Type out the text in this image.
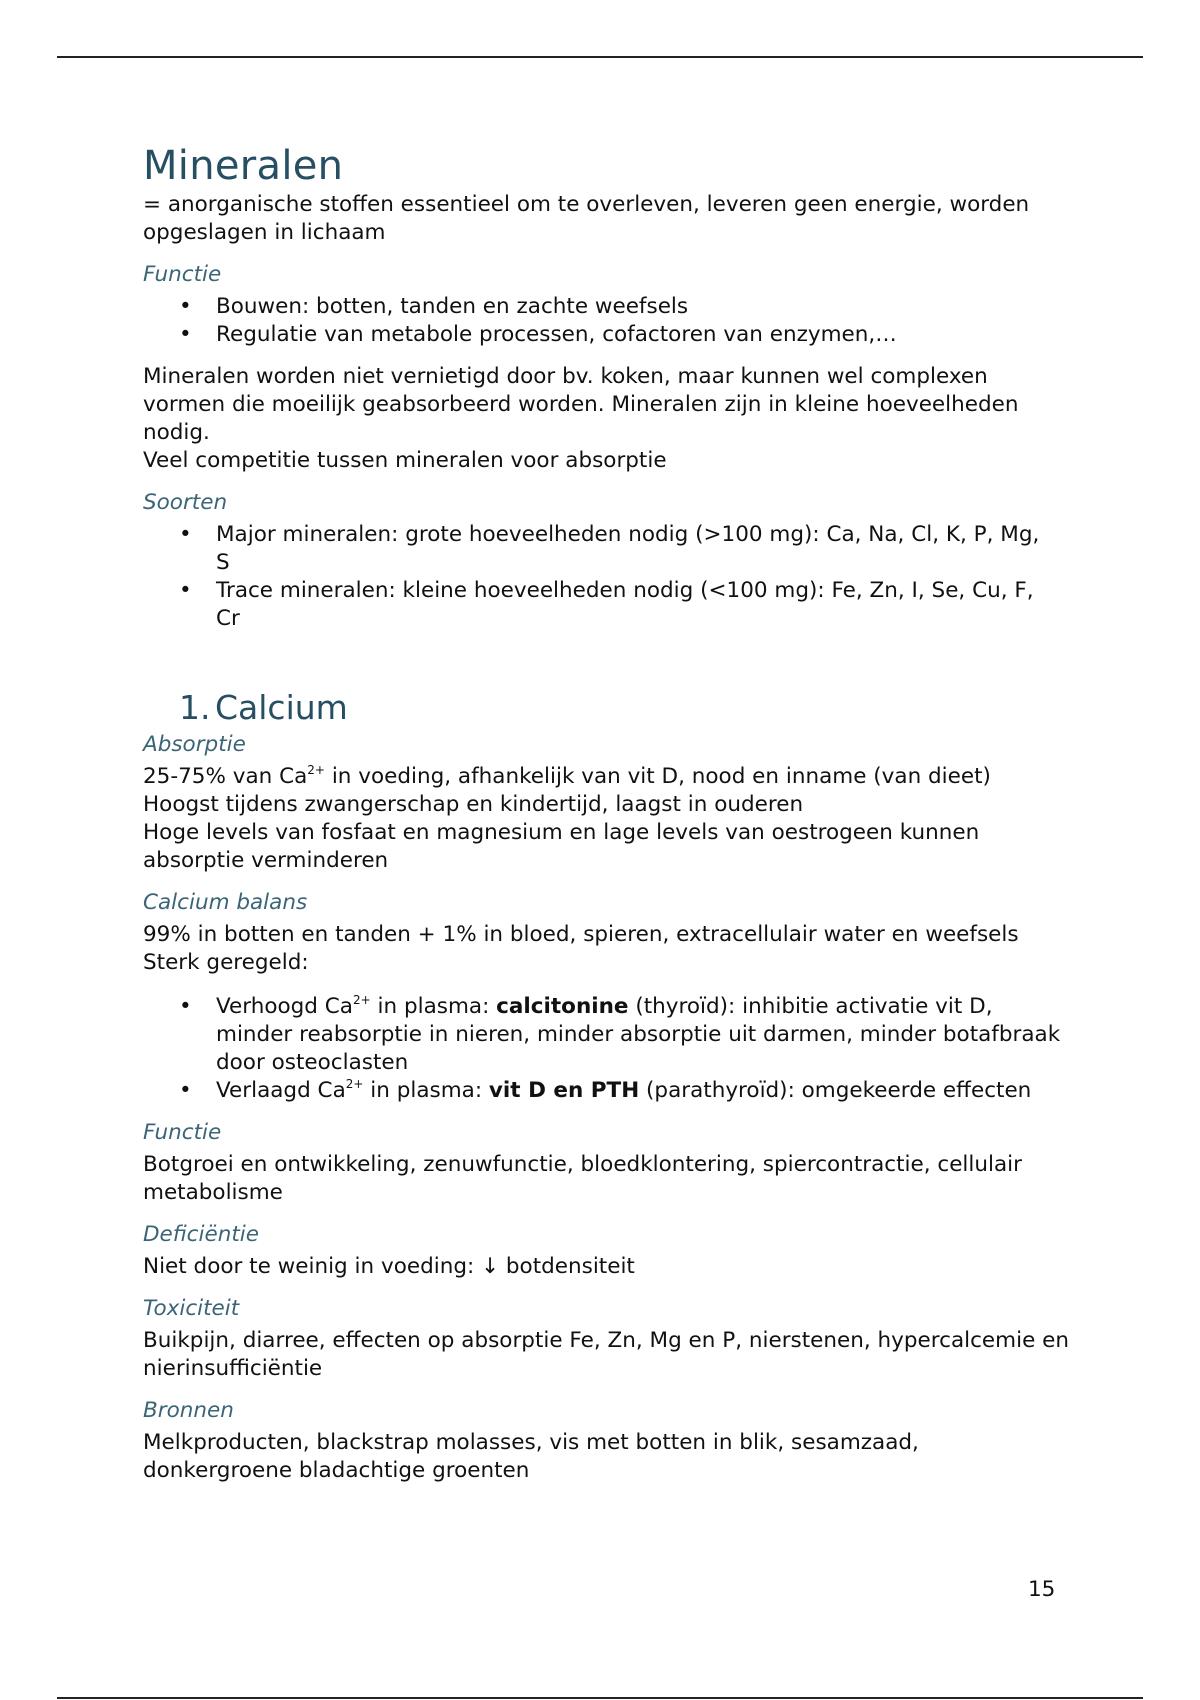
Mineralen

= anorganische stoffen essentieel om te overleven, leveren geen energie, worden opgeslagen in lichaam

Functie
• Bouwen: botten, tanden en zachte weefsels
• Regulatie van metabole processen, cofactoren van enzymen,…

Mineralen worden niet vernietigd door bv. koken, maar kunnen wel complexen vormen die moeilijk geabsorbeerd worden. Mineralen zijn in kleine hoeveelheden nodig.

Veel competitie tussen mineralen voor absorptie

Soorten
• Major mineralen: grote hoeveelheden nodig (>100 mg): Ca, Na, Cl, K, P, Mg, S
• Trace mineralen: kleine hoeveelheden nodig (<100 mg): Fe, Zn, I, Se, Cu, F, Cr
1. Calcium
Absorptie

25-75% van $Ca^{2+}$ in voeding, afhankelijk van vit D, nood en inname (van dieet)

Hoogst tijdens zwangerschap en kindertijd, laagst in ouderen

Hoge levels van fosfaat en magnesium en lage levels van oestrogeen kunnen absorptie verminderen

Calcium balans

99% in botten en tanden + 1% in bloed, spieren, extracellulair water en weefsels

Sterk geregeld:

• Verhoogd $Ca^{2+}$ in plasma: calcitonine (thyroïd): inhibitie activatie vit D, minder reabsorptie in nieren, minder absorptie uit darmen, minder botafbraak door osteoclasten
• Verlaagd $Ca^{2+}$ in plasma: vit D en PTH (parathyroïd): omgekeerde effecten
Functie

Botgroei en ontwikkeling, zenuwfunctie, bloedklontering, spiercontractie, cellulair metabolisme

Deficiëntie

Niet door te weinig in voeding: ↓ botdensiteit

Toxiciteit

Buikpijn, diarree, effecten op absorptie Fe, Zn, Mg en P, nierstenen, hypercalcemie en nierinsufficiëntie

Bronnen

Melkproducten, blackstrap molasses, vis met botten in blik, sesamzaad, donkergroene bladachtige groenten

15
